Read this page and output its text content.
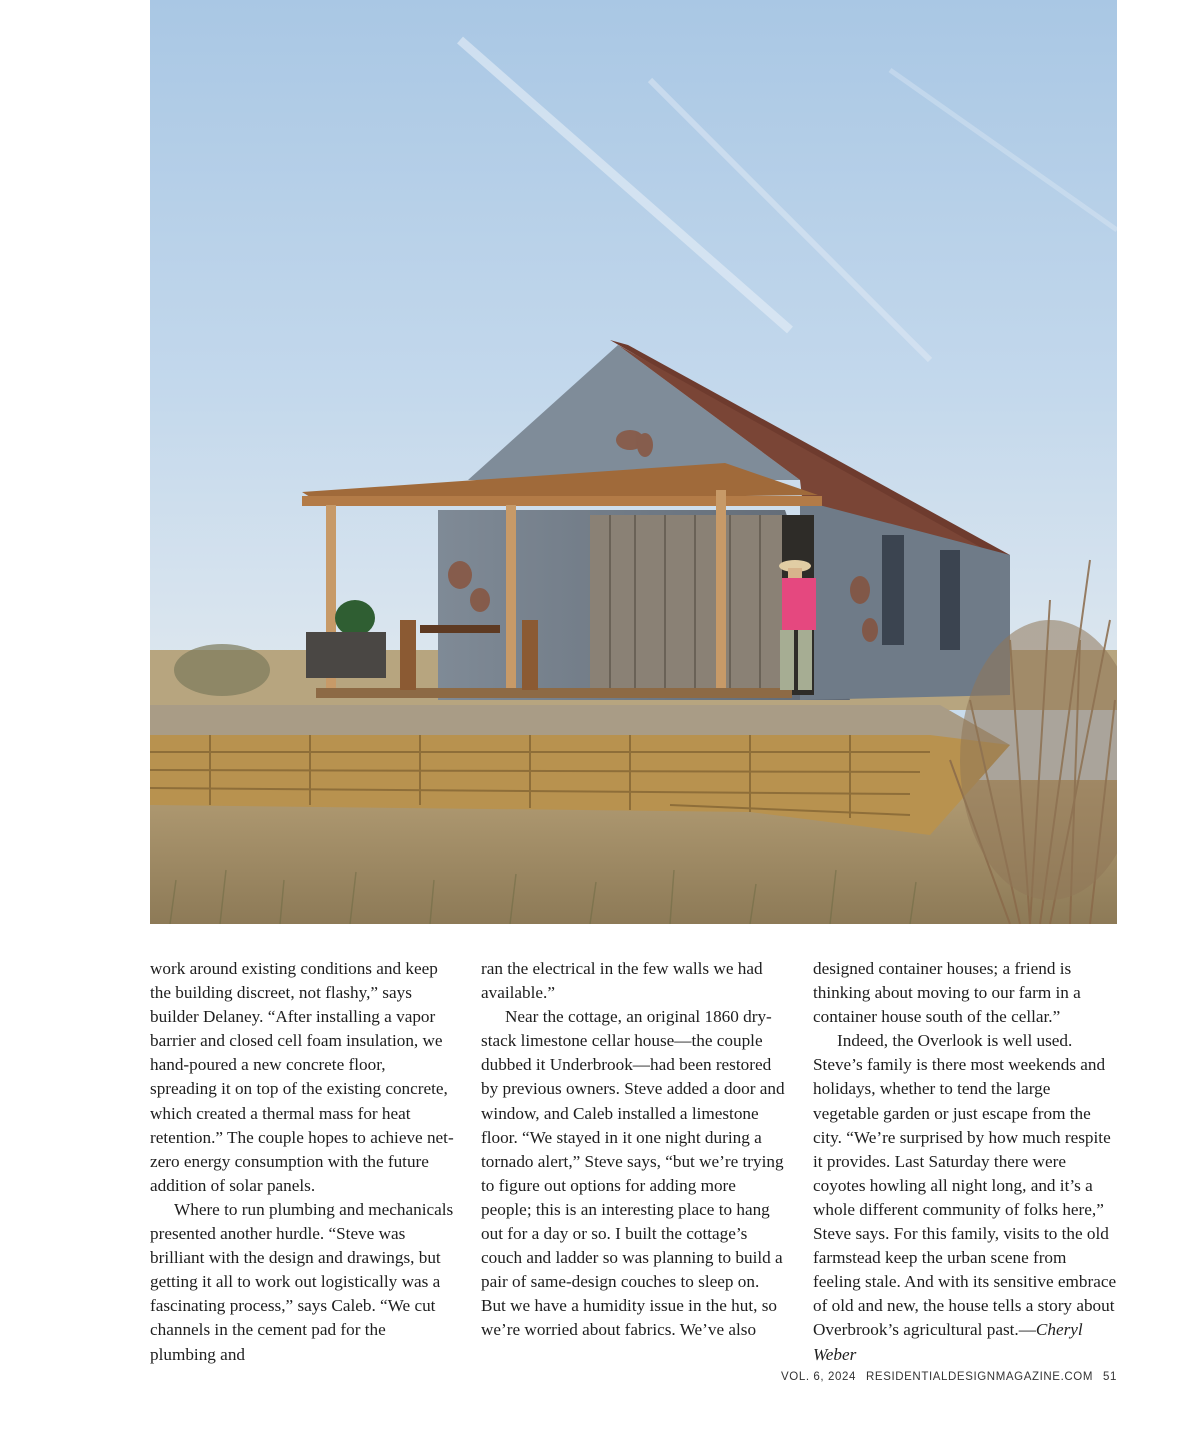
work around existing conditions and keep the building discreet, not flashy,” says builder Delaney. “After installing a vapor barrier and closed cell foam insulation, we hand-poured a new concrete floor, spreading it on top of the existing concrete, which created a thermal mass for heat retention.” The couple hopes to achieve net-zero energy consumption with the future addition of solar panels.

Where to run plumbing and mechanicals presented another hurdle. “Steve was brilliant with the design and drawings, but getting it all to work out logistically was a fascinating process,” says Caleb. “We cut channels in the cement pad for the plumbing and

ran the electrical in the few walls we had available.”

Near the cottage, an original 1860 dry-stack limestone cellar house—the couple dubbed it Underbrook—had been restored by previous owners. Steve added a door and window, and Caleb installed a limestone floor. “We stayed in it one night during a tornado alert,” Steve says, “but we’re trying to figure out options for adding more people; this is an interesting place to hang out for a day or so. I built the cottage’s couch and ladder so was planning to build a pair of same-design couches to sleep on. But we have a humidity issue in the hut, so we’re worried about fabrics. We’ve also

designed container houses; a friend is thinking about moving to our farm in a container house south of the cellar.”

Indeed, the Overlook is well used. Steve’s family is there most weekends and holidays, whether to tend the large vegetable garden or just escape from the city. “We’re surprised by how much respite it provides. Last Saturday there were coyotes howling all night long, and it’s a whole different community of folks here,” Steve says. For this family, visits to the old farmstead keep the urban scene from feeling stale. And with its sensitive embrace of old and new, the house tells a story about Overbrook’s agricultural past.—Cheryl Weber

VOL. 6, 2024 RESIDENTIALDESIGNMAGAZINE.COM 51
